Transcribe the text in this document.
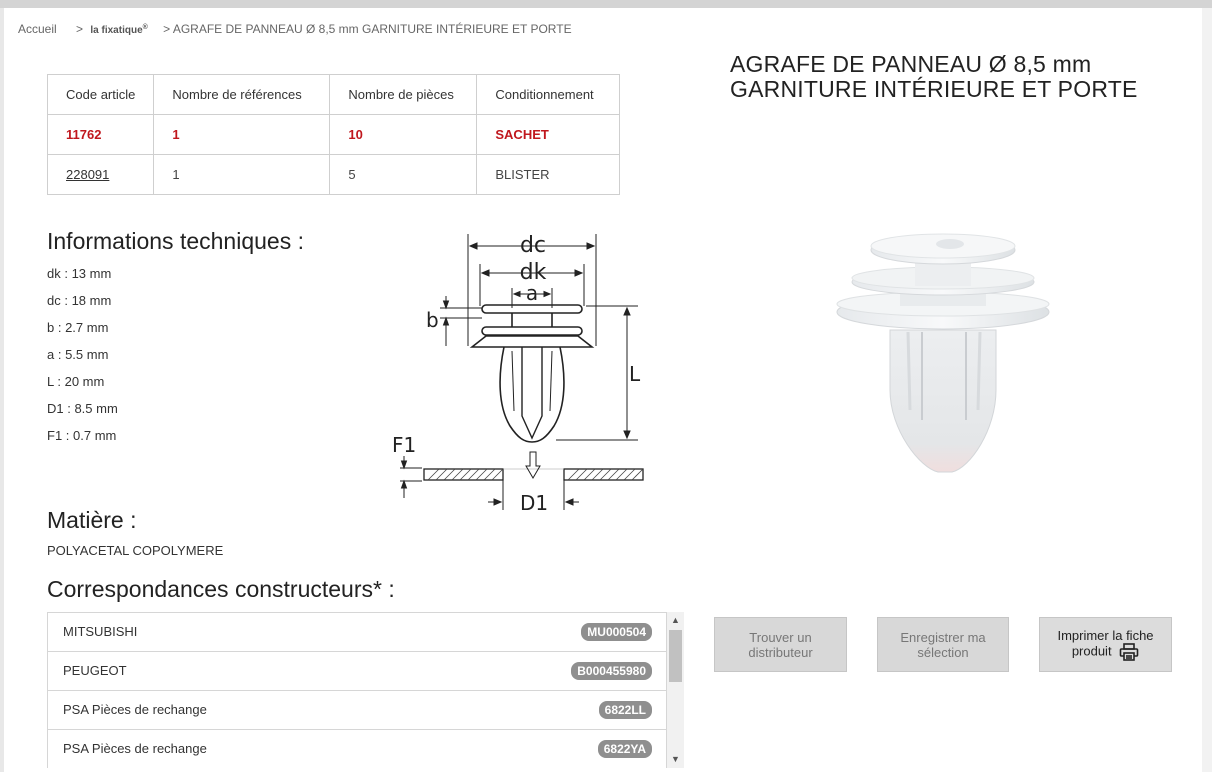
Accueil > la fixatique® > AGRAFE DE PANNEAU Ø 8,5 mm GARNITURE INTÉRIEURE ET PORTE
Code article	Nombre de références	Nombre de pièces	Conditionnement
11762	1	10	SACHET
228091	1	5	BLISTER
AGRAFE DE PANNEAU Ø 8,5 mm
GARNITURE INTÉRIEURE ET PORTE
Informations techniques :
dk : 13 mm
dc : 18 mm
b : 2.7 mm
a : 5.5 mm
L : 20 mm
D1 : 8.5 mm
F1 : 0.7 mm
dc
dk
a
b
L
F1
D1
Matière :
POLYACETAL COPOLYMERE
Correspondances constructeurs* :
MITSUBISHI	MU000504
PEUGEOT	B000455980
PSA Pièces de rechange	6822LL
PSA Pièces de rechange	6822YA
▲
▼
Trouver un
distributeur
Enregistrer ma
sélection
Imprimer la fiche
produit
